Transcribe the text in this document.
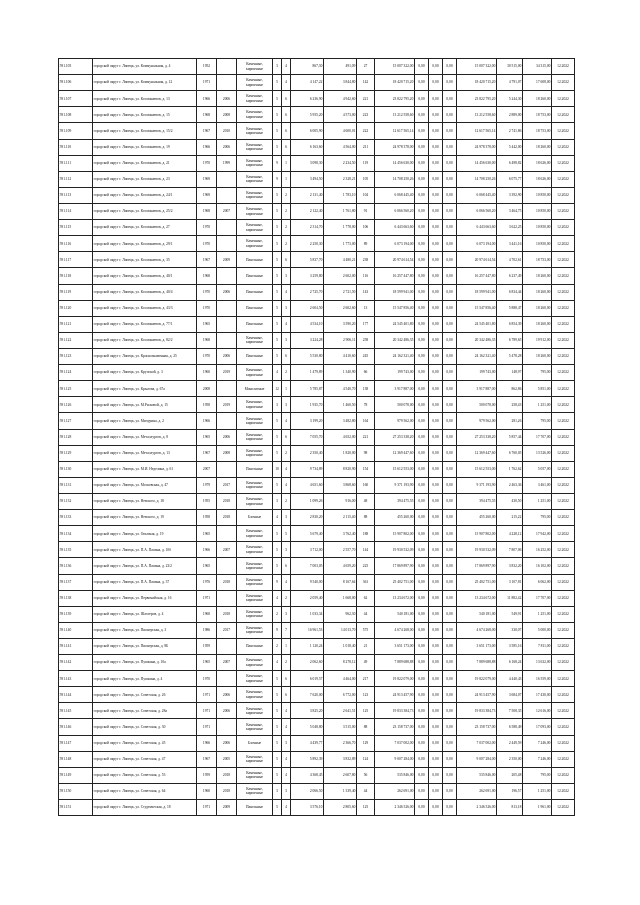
591.105	городской округ г. Липецк, ул. Коммунальная, д. 4	1952		Каменные, кирпичные	3	4	867,30	491,09	27	15 007 322,00	0,00	0,00	0,00	15 007 322,00	30 515,00	34 315,00	12.2022
591.106	городской округ г. Липецк, ул. Коммунальная, д. 12	1971		Каменные, кирпичные	5	4	4 147,22	3 844,80	142	18 420 715,20	0,00	0,00	0,00	18 420 715,20	4 791,07	17 608,00	12.2022
591.107	городской округ г. Липецк, ул. Космонавтов, д. 13	1966	2006	Каменные, кирпичные	5	6	6 236,90	4 942,60	221	23 822 795,20	0,00	0,00	0,00	23 822 795,20	5 244,30	18 260,00	12.2022
591.108	городской округ г. Липецк, ул. Космонавтов, д. 15	1968	2008	Каменные, кирпичные	5	6	5 955,20	4 573,00	223	13 212 558,60	0,00	0,00	0,00	13 212 558,60	2 889,00	18 753,00	12.2022
591.109	городской округ г. Липецк, ул. Космонавтов, д. 15/2	1967	2010	Каменные, кирпичные	5	6	6 005,90	4 600,01	222	12 617 565,14	0,00	0,00	0,00	12 617 565,14	2 741,86	18 753,00	12.2022
591.110	городской округ г. Липецк, ул. Космонавтов, д. 19	1966	2006	Каменные, кирпичные	5	6	6 163,60	4 564,00	211	24 978 378,00	0,00	0,00	0,00	24 978 378,00	5 442,00	18 260,00	12.2022
591.111	городской округ г. Липецк, ул. Космонавтов, д. 21	1970	1999	Каменные, кирпичные	9	1	3 098,30	2 234,50	119	14 456 630,00	0,00	0,00	0,00	14 456 630,00	6 498,82	18 626,00	12.2022
591.112	городской округ г. Липецк, ул. Космонавтов, д. 23	1969		Каменные, кирпичные	9	1	3 494,50	2 328,21	105	14 708 250,26	0,00	0,00	0,00	14 708 250,26	6 075,77	18 626,00	12.2022
591.113	городской округ г. Липецк, ул. Космонавтов, д. 24/1	1969		Каменные, кирпичные	5	2	2 131,40	1 783,10	104	6 068 445,40	0,00	0,00	0,00	6 068 445,40	3 392,90	10 850,00	12.2022
591.114	городской округ г. Липецк, ул. Космонавтов, д. 25/2	1968	2007	Каменные, кирпичные	5	2	2 122,40	1 761,80	91	6 066 560,20	0,00	0,00	0,00	6 066 560,20	3 464,75	10 850,00	12.2022
591.115	городской округ г. Липецк, ул. Космонавтов, д. 27	1970		Каменные, кирпичные	5	2	2 314,70	1 778,00	106	6 443 663,60	0,00	0,00	0,00	6 443 663,60	3 622,25	10 850,00	12.2022
591.116	городской округ г. Липецк, ул. Космонавтов, д. 29/1	1970		Каменные, кирпичные	5	2	2 250,30	1 773,00	89	6 073 194,00	0,00	0,00	0,00	6 073 194,00	3 441,16	10 850,00	12.2022
591.117	городской округ г. Липецк, ул. Космонавтов, д. 35	1967	2009	Панельные	5	6	5 837,70	4 480,21	238	20 974 614,54	0,00	0,00	0,00	20 974 614,54	4 702,61	18 753,00	12.2022
591.118	городской округ г. Липецк, ул. Космонавтов, д. 40/1	1968		Панельные	5	3	3 259,80	2 602,00	116	16 257 447,80	0,00	0,00	0,00	16 257 447,80	6 237,49	18 260,00	12.2022
591.119	городской округ г. Липецк, ул. Космонавтов, д. 40/4	1970	2006	Панельные	5	4	2 725,70	2 721,50	143	18 599 941,00	0,00	0,00	0,00	18 599 941,00	6 834,44	18 260,00	12.2022
591.120	городской округ г. Липецк, ул. Космонавтов, д. 43/3	1970		Панельные	5	3	2 604,50	2 602,60	13	15 547 856,40	0,00	0,00	0,00	15 547 856,40	5 888,47	18 260,00	12.2022
591.121	городской округ г. Липецк, ул. Космонавтов, д. 77/1	1965		Панельные	5	4	4 534,10	3 590,20	177	24 545 401,80	0,00	0,00	0,00	24 545 401,80	6 854,39	18 260,00	12.2022
591.122	городской округ г. Липецк, ул. Космонавтов, д. 82/2	1968		Каменные, кирпичные	5	3	3 224,28	2 906,11	258	20 342 486,35	0,00	0,00	0,00	20 342 486,35	6 789,65	19 912,00	12.2022
591.123	городской округ г. Липецк, ул. Краснознаменная, д. 25	1970	2006	Панельные	5	6	5 530,80	4 410,60	245	24 162 321,40	0,00	0,00	0,00	24 162 321,40	5 478,28	18 260,00	12.2022
591.124	городской округ г. Липецк, ул. Крупской, д. 3	1960	2019	Каменные, кирпичные	4	2	1 479,89	1 340,90	66	199 743,00	0,00	0,00	0,00	199 743,00	148,97	795,00	12.2022
591.125	городской округ г. Липецк, ул. Крылова, д. 67а	2008		Монолитные	12	1	5 785,87	4 540,70	138	3 917 887,00	0,00	0,00	0,00	3 917 887,00	862,86	5 851,00	12.2022
591.126	городской округ г. Липецк, ул. М.Расковой, д. 15	1958	2019	Каменные, кирпичные	3	3	1 935,70	1 460,50	78	500 078,00	0,00	0,00	0,00	500 078,00	258,43	1 251,00	12.2022
591.127	городской округ г. Липецк, ул. Мичурина, д. 2	1966		Каменные, кирпичные	5	4	3 199,20	3 482,80	164	979 562,00	0,00	0,00	0,00	979 562,00	281,26	795,00	12.2022
591.128	городской округ г. Липецк, ул. Металлургов, д. 8	1965	2006	Каменные, кирпичные	5	6	7 055,70	4 652,00	221	27 253 338,20	0,00	0,00	0,00	27 253 338,20	5 857,44	17 707,00	12.2022
591.129	городской округ г. Липецк, ул. Металлургов, д. 13	1967	2008	Каменные, кирпичные	5	2	2 350,40	1 820,00	98	12 369 447,60	0,00	0,00	0,00	12 369 447,60	6 760,05	13 526,00	12.2022
591.130	городской округ г. Липецк, ул. М.И. Неделина, д. 61	2007		Панельные	10	4	9 734,89	8 820,90	154	15 612 553,00	0,00	0,00	0,00	15 612 553,00	1 762,62	5 057,00	12.2022
591.131	городской округ г. Липецк, ул. Московская, д. 47	1979	2017	Каменные, кирпичные	5	4	4 651,60	3 868,60	160	9 371 193,90	0,00	0,00	0,00	9 371 193,90	2 463,36	3 461,00	12.2022
591.132	городской округ г. Липецк, ул. Невского, д. 18	1955	2018	Каменные, кирпичные	3	2	1 099,26	916,00	48	394 475,55	0,00	0,00	0,00	394 475,55	430,50	1 251,00	12.2022
591.133	городской округ г. Липецк, ул. Невского, д. 19	1958	2018	Блочные	4	3	2 830,20	2 115,40	88	455 260,00	0,00	0,00	0,00	455 260,00	215,22	795,00	12.2022
591.134	городской округ г. Липецк, ул. Опытная, д. 19	1965		Каменные, кирпичные	5	5	5 679,40	3 762,40	188	15 907 802,00	0,00	0,00	0,00	15 907 802,00	4 228,12	17 942,00	12.2022
591.135	городской округ г. Липецк, ул. П.А. Папина, д. 10б	1966	2007	Каменные, кирпичные	5	3	3 712,00	2 557,70	144	19 930 532,09	0,00	0,00	0,00	19 930 532,09	7 807,06	16 252,00	12.2022
591.136	городской округ г. Липецк, ул. П.А. Папина, д. 23/2	1965		Каменные, кирпичные	5	6	7 003,05	4 659,20	225	17 869 897,90	0,00	0,00	0,00	17 869 897,90	3 832,20	16 102,00	12.2022
591.137	городской округ г. Липецк, ул. П.А. Папина, д. 37	1976	2018	Каменные, кирпичные	9	4	9 540,00	8 167,64	361	25 402 751,00	0,00	0,00	0,00	25 402 751,00	3 107,81	6 062,00	12.2022
591.138	городской округ г. Липецк, ул. Первомайская, д. 16	1971		Каменные, кирпичные	4	2	2 059,40	1 668,00	62	13 234 672,00	0,00	0,00	0,00	13 234 672,00	11 882,42	17 707,00	12.2022
591.139	городской округ г. Липецк, ул. Шахтеров, д. 4	1960	2018	Каменные, кирпичные	2	3	1 033,34	962,30	44	540 181,00	0,00	0,00	0,00	540 181,00	549,91	1 251,00	12.2022
591.140	городской округ г. Липецк, ул. Пионерская, д. 3	1986	2017	Каменные, кирпичные	9	7	16 961,53	14 013,70	575	4 674 268,00	0,00	0,00	0,00	4 674 268,00	330,07	5 000,00	12.2022
591.141	городской округ г. Липецк, ул. Пионерская, д. 8Б	1959		Панельные	2	1	1 120,24	1 018,40	21	3 651 173,00	0,00	0,00	0,00	3 651 173,00	3 585,16	7 811,00	12.2022
591.142	городской округ г. Липецк, ул. Пушкина, д. 10а	1965	2007	Каменные, кирпичные	4	2	2 062,60	8 278,12	49	7 889 688,88	0,00	0,00	0,00	7 889 688,88	6 168,24	13 632,00	12.2022
591.143	городской округ г. Липецк, ул. Пушкина, д. 4	1970		Каменные, кирпичные	5	6	6 019,57	4 464,00	217	19 822 079,00	0,00	0,00	0,00	19 822 079,00	4 440,43	16 559,00	12.2022
591.144	городской округ г. Липецк, ул. Советская, д. 26	1971	2006	Каменные, кирпичные	5	6	7 620,00	6 772,00	123	24 913 457,90	0,00	0,00	0,00	24 913 457,90	3 684,07	17 430,00	12.2022
591.145	городской округ г. Липецк, ул. Советская, д. 28а	1971	2006	Каменные, кирпичные	5	4	3 825,20	2 641,51	125	19 833 384,73	0,00	0,00	0,00	19 833 384,73	7 508,35	12 616,00	12.2022
591.146	городской округ г. Липецк, ул. Советская, д. 30	1971		Каменные, кирпичные	5	4	5 048,80	3 515,00	88	23 158 737,00	0,00	0,00	0,00	23 158 737,00	6 588,49	17 093,00	12.2022
591.147	городской округ г. Липецк, ул. Советская, д. 45	1966	2006	Блочные	5	3	4 439,77	2 366,70	129	7 037 002,00	0,00	0,00	0,00	7 037 002,00	2 449,59	7 246,00	12.2022
591.148	городской округ г. Липецк, ул. Советская, д. 47	1967	2005	Каменные, кирпичные	5	4	5 892,39	3 832,89	124	9 007 284,00	0,00	0,00	0,00	9 007 284,00	2 350,00	7 246,00	12.2022
591.149	городской округ г. Липецк, ул. Советская, д. 53	1959	2018	Каменные, кирпичные	5	4	4 368,45	2 607,80	56	535 846,00	0,00	0,00	0,00	535 846,00	205,48	795,00	12.2022
591.150	городской округ г. Липецк, ул. Советская, д. 64	1960	2018	Каменные, кирпичные	3	3	2 066,50	1 339,40	44	262 691,00	0,00	0,00	0,00	262 691,00	196,57	1 251,00	12.2022
591.151	городской округ г. Липецк, ул. Студенческая, д. 18	1971	2009	Панельные	5	4	3 576,10	2 805,60	125	2 346 526,00	0,00	0,00	0,00	2 346 526,00	813,18	1 961,00	12.2022
